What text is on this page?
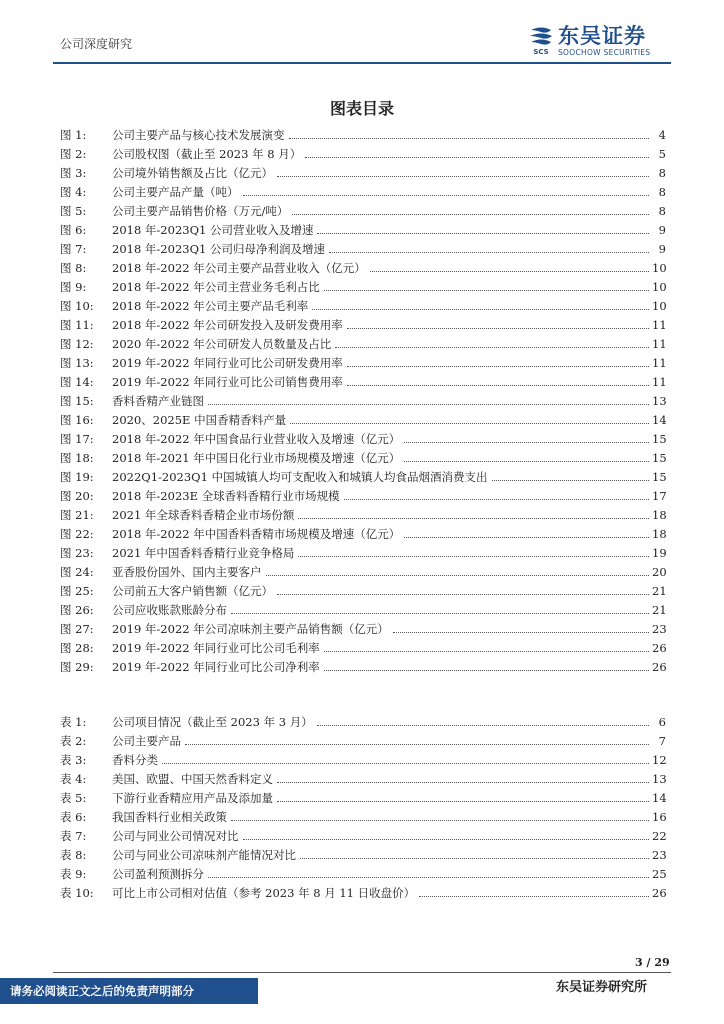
公司深度研究
SCS
东吴证券
SOOCHOW SECURITIES
图表目录
图 1:	公司主要产品与核心技术发展演变	4
图 2:	公司股权图（截止至 2023 年 8 月）	5
图 3:	公司境外销售额及占比（亿元）	8
图 4:	公司主要产品产量（吨）	8
图 5:	公司主要产品销售价格（万元/吨）	8
图 6:	2018 年-2023Q1 公司营业收入及增速	9
图 7:	2018 年-2023Q1 公司归母净利润及增速	9
图 8:	2018 年-2022 年公司主要产品营业收入（亿元）	10
图 9:	2018 年-2022 年公司主营业务毛利占比	10
图 10:	2018 年-2022 年公司主要产品毛利率	10
图 11:	2018 年-2022 年公司研发投入及研发费用率	11
图 12:	2020 年-2022 年公司研发人员数量及占比	11
图 13:	2019 年-2022 年同行业可比公司研发费用率	11
图 14:	2019 年-2022 年同行业可比公司销售费用率	11
图 15:	香料香精产业链图	13
图 16:	2020、2025E 中国香精香料产量	14
图 17:	2018 年-2022 年中国食品行业营业收入及增速（亿元）	15
图 18:	2018 年-2021 年中国日化行业市场规模及增速（亿元）	15
图 19:	2022Q1-2023Q1 中国城镇人均可支配收入和城镇人均食品烟酒消费支出	15
图 20:	2018 年-2023E 全球香料香精行业市场规模	17
图 21:	2021 年全球香料香精企业市场份额	18
图 22:	2018 年-2022 年中国香料香精市场规模及增速（亿元）	18
图 23:	2021 年中国香料香精行业竞争格局	19
图 24:	亚香股份国外、国内主要客户	20
图 25:	公司前五大客户销售额（亿元）	21
图 26:	公司应收账款账龄分布	21
图 27:	2019 年-2022 年公司凉味剂主要产品销售额（亿元）	23
图 28:	2019 年-2022 年同行业可比公司毛利率	26
图 29:	2019 年-2022 年同行业可比公司净利率	26
表 1:	公司项目情况（截止至 2023 年 3 月）	6
表 2:	公司主要产品	7
表 3:	香料分类	12
表 4:	美国、欧盟、中国天然香料定义	13
表 5:	下游行业香精应用产品及添加量	14
表 6:	我国香料行业相关政策	16
表 7:	公司与同业公司情况对比	22
表 8:	公司与同业公司凉味剂产能情况对比	23
表 9:	公司盈利预测拆分	25
表 10:	可比上市公司相对估值（参考 2023 年 8 月 11 日收盘价）	26
3 / 29
请务必阅读正文之后的免责声明部分	东吴证券研究所
